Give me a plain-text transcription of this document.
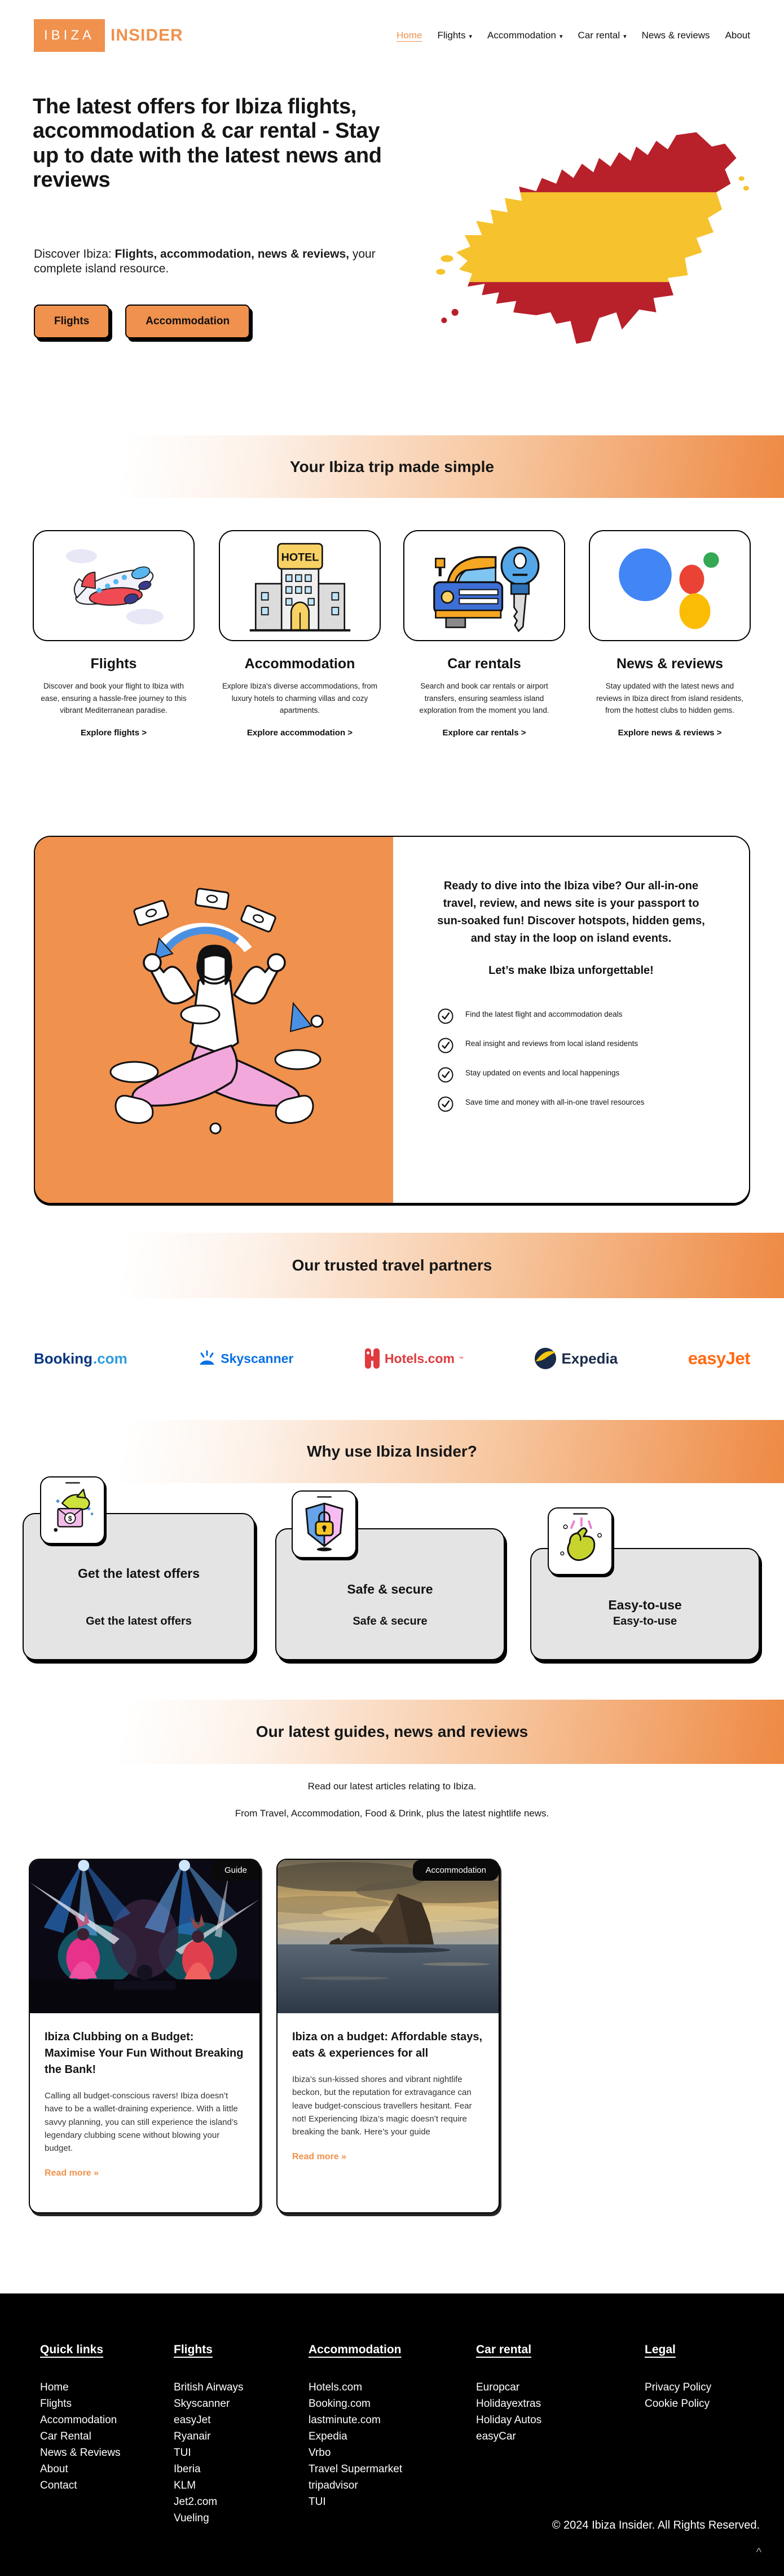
IBIZA INSIDER	Home Flights ▾ Accommodation ▾ Car rental ▾ News & reviews About
The latest offers for Ibiza flights, accommodation & car rental - Stay up to date with the latest news and reviews

Discover Ibiza: Flights, accommodation, news & reviews, your complete island resource.

Flights	Accommodation
Your Ibiza trip made simple
Flights
Discover and book your flight to Ibiza with ease, ensuring a hassle-free journey to this vibrant Mediterranean paradise.
Explore flights >
HOTEL
Accommodation
Explore Ibiza's diverse accommodations, from luxury hotels to charming villas and cozy apartments.
Explore accommodation >
Car rentals
Search and book car rentals or airport transfers, ensuring seamless island exploration from the moment you land.
Explore car rentals >
News & reviews
Stay updated with the latest news and reviews in Ibiza direct from island residents, from the hottest clubs to hidden gems.
Explore news & reviews >

Ready to dive into the Ibiza vibe? Our all-in-one travel, review, and news site is your passport to sun-soaked fun! Discover hotspots, hidden gems, and stay in the loop on island events.

Let’s make Ibiza unforgettable!

Find the latest flight and accommodation deals
Real insight and reviews from local island residents
Stay updated on events and local happenings
Save time and money with all-in-one travel resources
Our trusted travel partners
Booking .com	Skyscanner	Hotels.com ™	Expedia	easyJet
Why use Ibiza Insider?
$
Get the latest offers
Get the latest offers
Safe & secure
Safe & secure
Easy-to-use
Easy-to-use
Our latest guides, news and reviews
Read our latest articles relating to Ibiza.
From Travel, Accommodation, Food & Drink, plus the latest nightlife news.
Guide
Ibiza Clubbing on a Budget: Maximise Your Fun Without Breaking the Bank!
Calling all budget-conscious ravers! Ibiza doesn’t have to be a wallet-draining experience. With a little savvy planning, you can still experience the island’s legendary clubbing scene without blowing your budget.
Read more »
Accommodation
Ibiza on a budget: Affordable stays, eats & experiences for all
Ibiza’s sun-kissed shores and vibrant nightlife beckon, but the reputation for extravagance can leave budget-conscious travellers hesitant. Fear not! Experiencing Ibiza’s magic doesn’t require breaking the bank. Here’s your guide
Read more »
Quick links
Home
Flights
Accommodation
Car Rental
News & Reviews
About
Contact
Flights
British Airways
Skyscanner
easyJet
Ryanair
TUI
Iberia
KLM
Jet2.com
Vueling
Accommodation
Hotels.com
Booking.com
lastminute.com
Expedia
Vrbo
Travel Supermarket
tripadvisor
TUI
Car rental
Europcar
Holidayextras
Holiday Autos
easyCar
Legal
Privacy Policy
Cookie Policy
© 2024 Ibiza Insider. All Rights Reserved.
^
